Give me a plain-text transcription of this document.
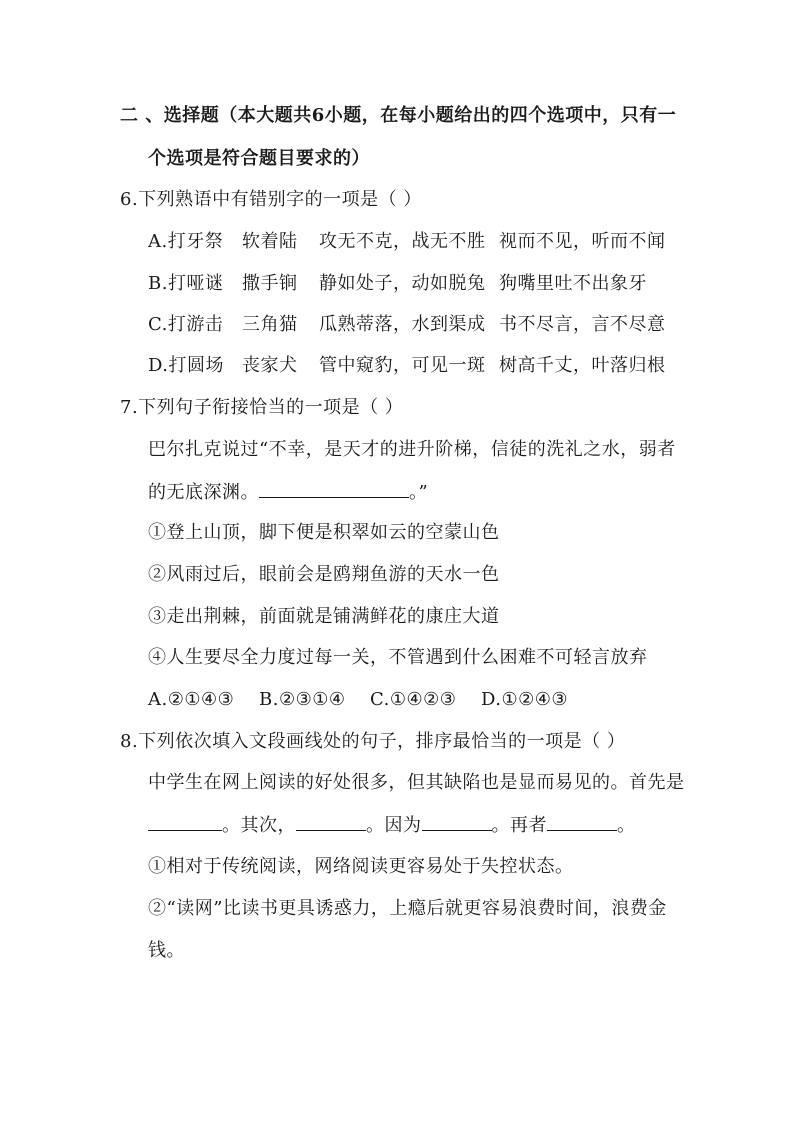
二 、选择题（本大题共6小题，在每小题给出的四个选项中，只有一
个选项是符合题目要求的）
6.下列熟语中有错别字的一项是（ ）
A.打牙祭 软着陆 攻无不克，战无不胜 视而不见，听而不闻
B.打哑谜 撒手锏 静如处子，动如脱兔 狗嘴里吐不出象牙
C.打游击 三角猫 瓜熟蒂落，水到渠成 书不尽言，言不尽意
D.打圆场 丧家犬 管中窥豹，可见一斑 树高千丈，叶落归根
7.下列句子衔接恰当的一项是（ ）
巴尔扎克说过“不幸，是天才的进升阶梯，信徒的洗礼之水，弱者
的无底深渊。	。”
①登上山顶，脚下便是积翠如云的空蒙山色
②风雨过后，眼前会是鸥翔鱼游的天水一色
③走出荆棘，前面就是铺满鲜花的康庄大道
④人生要尽全力度过每一关，不管遇到什么困难不可轻言放弃
A.②①④③ B.②③①④ C.①④②③ D.①②④③
8.下列依次填入文段画线处的句子，排序最恰当的一项是（ ）
中学生在网上阅读的好处很多，但其缺陷也是显而易见的。首先是
。其次，	。因为	。再者	。
①相对于传统阅读，网络阅读更容易处于失控状态。
②“读网”比读书更具诱惑力，上瘾后就更容易浪费时间，浪费金
钱。
